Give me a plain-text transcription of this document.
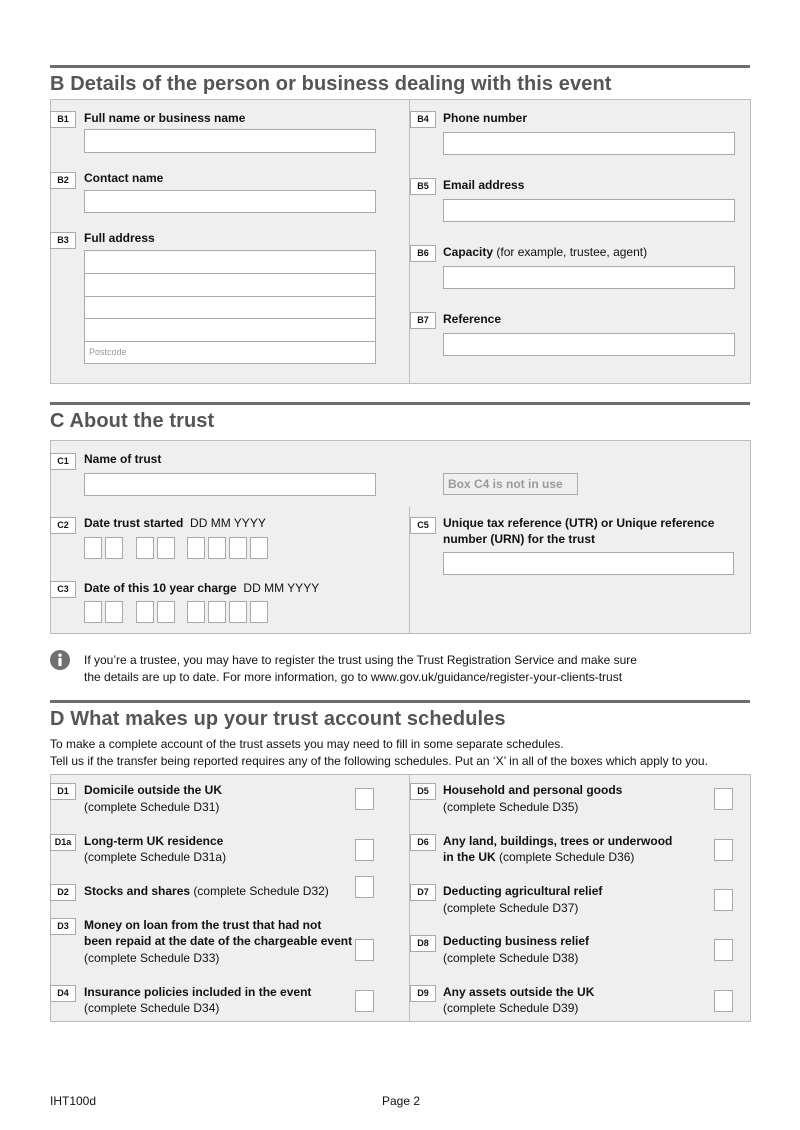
B Details of the person or business dealing with this event
B1	Full name or business name
B2	Contact name
B3	Full address
Postcode
B4	Phone number
B5	Email address
B6	Capacity (for example, trustee, agent)
B7	Reference
C About the trust
C1	Name of trust
Box C4 is not in use
C2	Date trust started DD MM YYYY
C3	Date of this 10 year charge DD MM YYYY
C5	Unique tax reference (UTR) or Unique reference
number (URN) for the trust
If you’re a trustee, you may have to register the trust using the Trust Registration Service and make sure
the details are up to date. For more information, go to www.gov.uk/guidance/register-your-clients-trust
D What makes up your trust account schedules
To make a complete account of the trust assets you may need to fill in some separate schedules.
Tell us if the transfer being reported requires any of the following schedules. Put an ‘X’ in all of the boxes which apply to you.
D1	Domicile outside the UK
(complete Schedule D31)
D1a	Long-term UK residence
(complete Schedule D31a)
D2	Stocks and shares (complete Schedule D32)
D3	Money on loan from the trust that had not
been repaid at the date of the chargeable event
(complete Schedule D33)
D4	Insurance policies included in the event
(complete Schedule D34)
D5	Household and personal goods
(complete Schedule D35)
D6	Any land, buildings, trees or underwood
in the UK (complete Schedule D36)
D7	Deducting agricultural relief
(complete Schedule D37)
D8	Deducting business relief
(complete Schedule D38)
D9	Any assets outside the UK
(complete Schedule D39)
IHT100d	Page 2
